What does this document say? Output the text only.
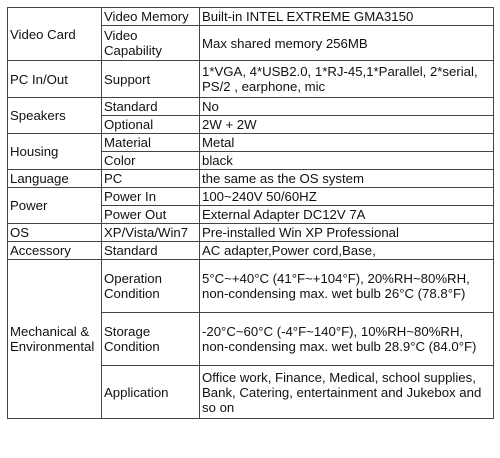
Video Card	Video Memory	Built-in INTEL EXTREME GMA3150
	Video Capability	Max shared memory 256MB
PC In/Out	Support	1*VGA, 4*USB2.0, 1*RJ-45,1*Parallel, 2*serial, PS/2 , earphone, mic
Speakers	Standard	No
	Optional	2W + 2W
Housing	Material	Metal
	Color	black
Language	PC	the same as the OS system
Power	Power In	100~240V 50/60HZ
	Power Out	External Adapter DC12V 7A
OS	XP/Vista/Win7	Pre-installed Win XP Professional
Accessory	Standard	AC adapter,Power cord,Base,
Mechanical & Environmental	Operation Condition	5°C~+40°C (41°F~+104°F), 20%RH~80%RH, non-condensing max. wet bulb 26°C (78.8°F)
	Storage Condition	-20°C~60°C (-4°F~140°F), 10%RH~80%RH, non-condensing max. wet bulb 28.9°C (84.0°F)
	Application	Office work, Finance, Medical, school supplies, Bank, Catering, entertainment and Jukebox and so on
